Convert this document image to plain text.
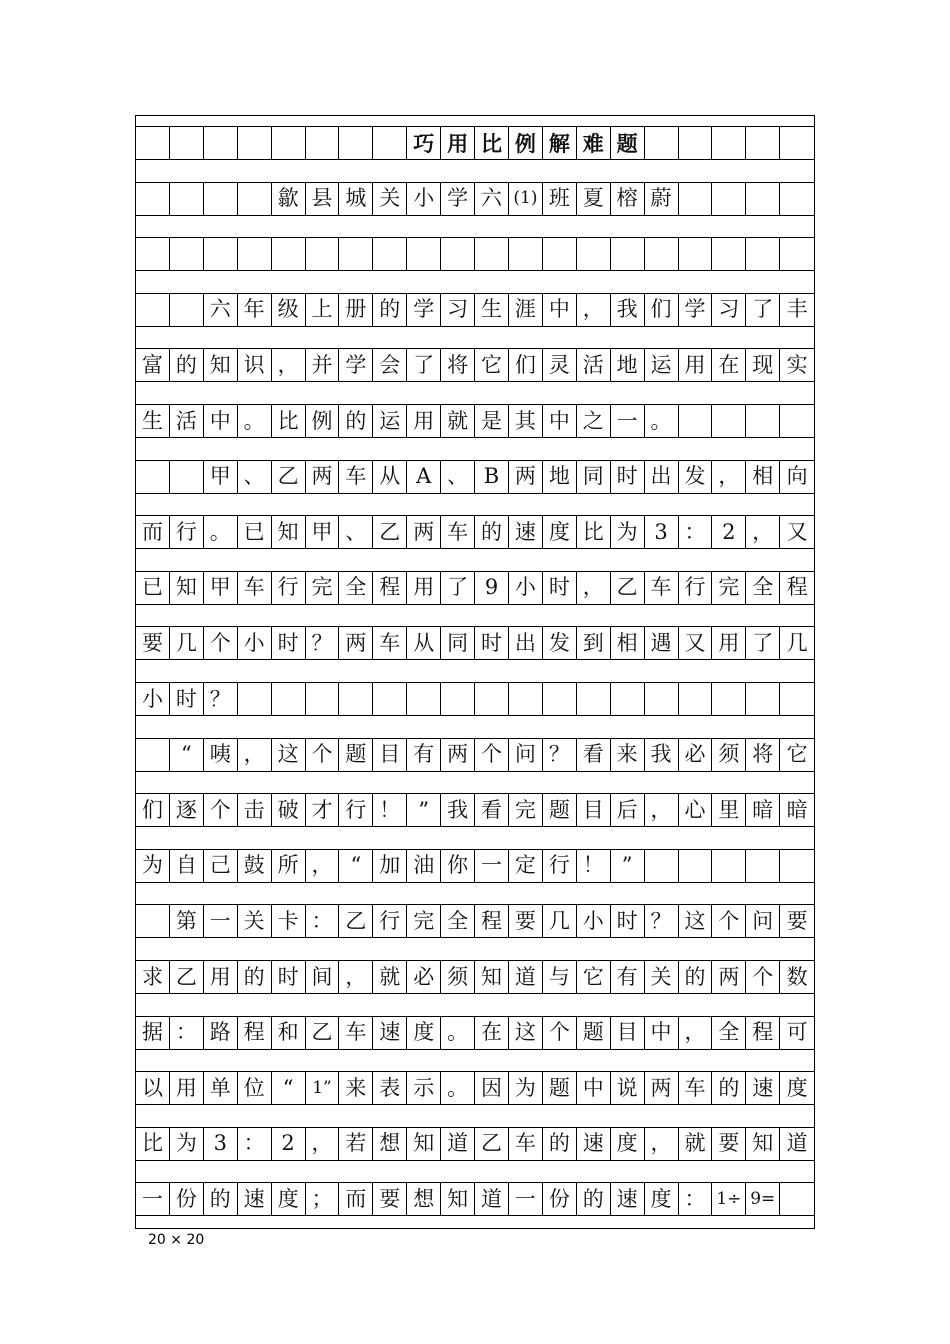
巧 用 比 例 解 难 题
歙 县 城 关 小 学 六 (1) 班 夏 榕 蔚
六 年 级 上 册 的 学 习 生 涯 中 ， 我 们 学 习 了 丰
富 的 知 识 ， 并 学 会 了 将 它 们 灵 活 地 运 用 在 现 实
生 活 中 。 比 例 的 运 用 就 是 其 中 之 一 。
甲 、 乙 两 车 从 A 、 B 两 地 同 时 出 发 ， 相 向
而 行 。 已 知 甲 、 乙 两 车 的 速 度 比 为 3 ： 2 ， 又
已 知 甲 车 行 完 全 程 用 了 9 小 时 ， 乙 车 行 完 全 程
要 几 个 小 时 ？ 两 车 从 同 时 出 发 到 相 遇 又 用 了 几
小 时 ？
“ 咦 ， 这 个 题 目 有 两 个 问 ？ 看 来 我 必 须 将 它
们 逐 个 击 破 才 行 ！ ” 我 看 完 题 目 后 ， 心 里 暗 暗
为 自 己 鼓 所 ， “ 加 油 你 一 定 行 ！ ”
第 一 关 卡 ： 乙 行 完 全 程 要 几 小 时 ？ 这 个 问 要
求 乙 用 的 时 间 ， 就 必 须 知 道 与 它 有 关 的 两 个 数
据 ： 路 程 和 乙 车 速 度 。 在 这 个 题 目 中 ， 全 程 可
以 用 单 位 “	1” 来 表 示 。 因 为 题 中 说 两 车 的 速 度
比 为 3 ： 2 ， 若 想 知 道 乙 车 的 速 度 ， 就 要 知 道
一 份 的 速 度 ； 而 要 想 知 道 一 份 的 速 度 ： 1÷ 9=
20 × 20
